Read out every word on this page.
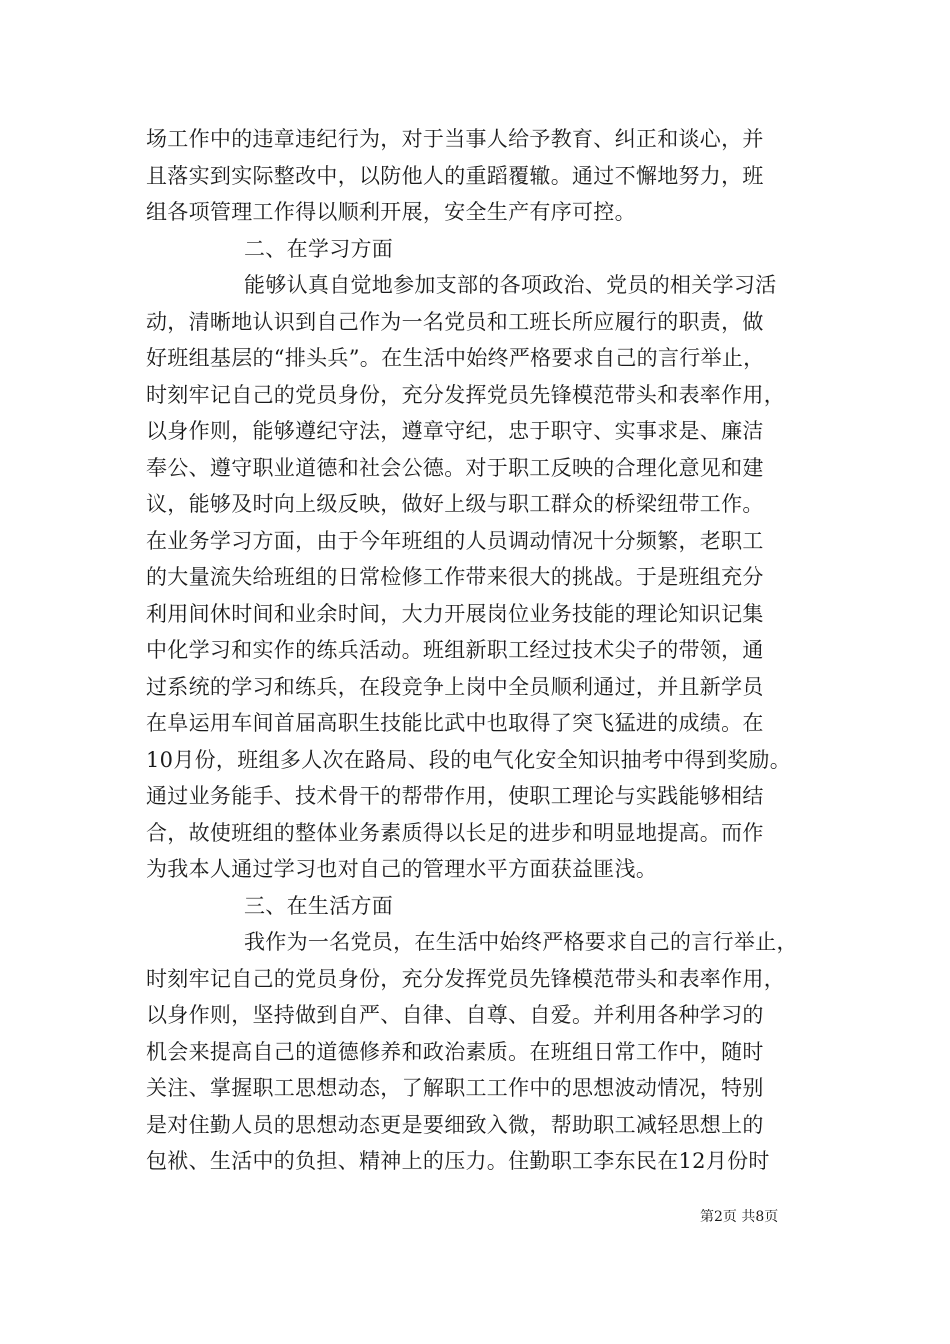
场工作中的违章违纪行为，对于当事人给予教育、纠正和谈心，并
且落实到实际整改中，以防他人的重蹈覆辙。通过不懈地努力，班
组各项管理工作得以顺利开展，安全生产有序可控。
二、在学习方面
能够认真自觉地参加支部的各项政治、党员的相关学习活
动，清晰地认识到自己作为一名党员和工班长所应履行的职责，做
好班组基层的“排头兵”。在生活中始终严格要求自己的言行举止，
时刻牢记自己的党员身份，充分发挥党员先锋模范带头和表率作用，
以身作则，能够遵纪守法，遵章守纪，忠于职守、实事求是、廉洁
奉公、遵守职业道德和社会公德。对于职工反映的合理化意见和建
议，能够及时向上级反映，做好上级与职工群众的桥梁纽带工作。
在业务学习方面，由于今年班组的人员调动情况十分频繁，老职工
的大量流失给班组的日常检修工作带来很大的挑战。于是班组充分
利用间休时间和业余时间，大力开展岗位业务技能的理论知识记集
中化学习和实作的练兵活动。班组新职工经过技术尖子的带领，通
过系统的学习和练兵，在段竞争上岗中全员顺利通过，并且新学员
在阜运用车间首届高职生技能比武中也取得了突飞猛进的成绩。在
10月份，班组多人次在路局、段的电气化安全知识抽考中得到奖励。
通过业务能手、技术骨干的帮带作用，使职工理论与实践能够相结
合，故使班组的整体业务素质得以长足的进步和明显地提高。而作
为我本人通过学习也对自己的管理水平方面获益匪浅。
三、在生活方面
我作为一名党员，在生活中始终严格要求自己的言行举止，
时刻牢记自己的党员身份，充分发挥党员先锋模范带头和表率作用，
以身作则，坚持做到自严、自律、自尊、自爱。并利用各种学习的
机会来提高自己的道德修养和政治素质。在班组日常工作中，随时
关注、掌握职工思想动态，了解职工工作中的思想波动情况，特别
是对住勤人员的思想动态更是要细致入微，帮助职工减轻思想上的
包袱、生活中的负担、精神上的压力。住勤职工李东民在12月份时
第2页 共8页
